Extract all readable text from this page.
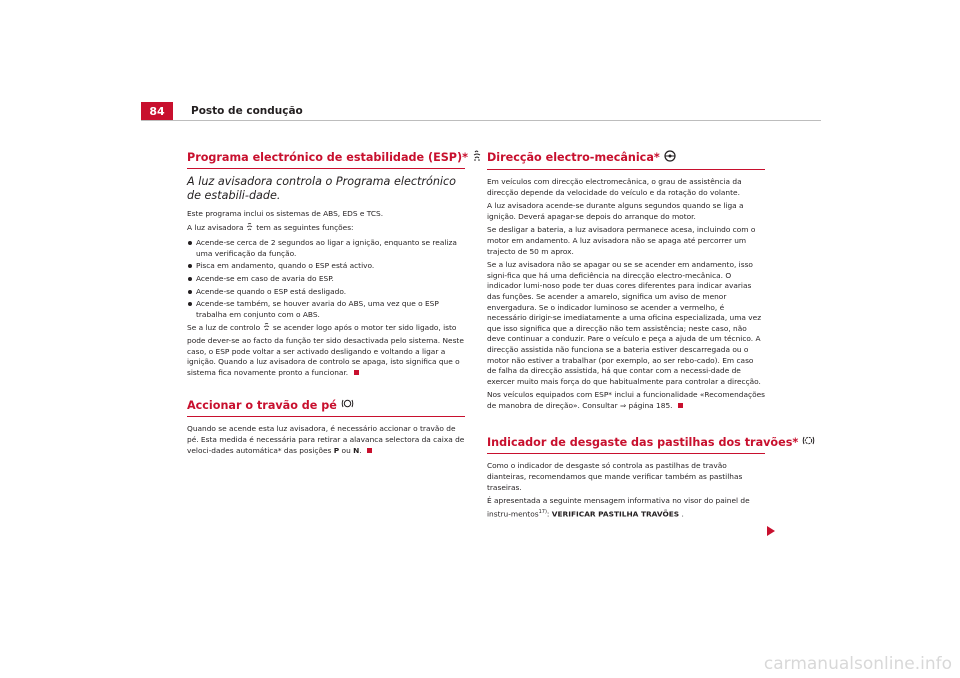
84	Posto de condução
Programa electrónico de estabilidade (ESP)*
A luz avisadora controla o Programa electrónico de estabili-dade.

Este programa inclui os sistemas de ABS, EDS e TCS.

A luz avisadora tem as seguintes funções:

Acende-se cerca de 2 segundos ao ligar a ignição, enquanto se realiza uma verificação da função.
Pisca em andamento, quando o ESP está activo.
Acende-se em caso de avaria do ESP.
Acende-se quando o ESP está desligado.
Acende-se também, se houver avaria do ABS, uma vez que o ESP trabalha em conjunto com o ABS.

Se a luz de controlo se acender logo após o motor ter sido ligado, isto pode dever-se ao facto da função ter sido desactivada pelo sistema. Neste caso, o ESP pode voltar a ser activado desligando e voltando a ligar a ignição. Quando a luz avisadora de controlo se apaga, isto significa que o sistema fica novamente pronto a funcionar.

Accionar o travão de pé

Quando se acende esta luz avisadora, é necessário accionar o travão de pé. Esta medida é necessária para retirar a alavanca selectora da caixa de veloci-dades automática* das posições P ou N.

Direcção electro-mecânica*

Em veículos com direcção electromecânica, o grau de assistência da direcção depende da velocidade do veículo e da rotação do volante.

A luz avisadora acende-se durante alguns segundos quando se liga a ignição. Deverá apagar-se depois do arranque do motor.

Se desligar a bateria, a luz avisadora permanece acesa, incluindo com o motor em andamento. A luz avisadora não se apaga até percorrer um trajecto de 50 m aprox.

Se a luz avisadora não se apagar ou se se acender em andamento, isso signi-fica que há uma deficiência na direcção electro-mecânica. O indicador lumi-noso pode ter duas cores diferentes para indicar avarias das funções. Se acender a amarelo, significa um aviso de menor envergadura. Se o indicador luminoso se acender a vermelho, é necessário dirigir-se imediatamente a uma oficina especializada, uma vez que isso significa que a direcção não tem assistência; neste caso, não deve continuar a conduzir. Pare o veículo e peça a ajuda de um técnico. A direcção assistida não funciona se a bateria estiver descarregada ou o motor não estiver a trabalhar (por exemplo, ao ser rebo-cado). Em caso de falha da direcção assistida, há que contar com a necessi-dade de exercer muito mais força do que habitualmente para controlar a direcção.

Nos veículos equipados com ESP* inclui a funcionalidade «Recomendações de manobra de direção». Consultar ⇒ página 185.

Indicador de desgaste das pastilhas dos travões*

Como o indicador de desgaste só controla as pastilhas de travão dianteiras, recomendamos que mande verificar também as pastilhas traseiras.

É apresentada a seguinte mensagem informativa no visor do painel de instru-mentos$^{17)}$: VERIFICAR PASTILHA TRAVÕES .

carmanualsonline.info
